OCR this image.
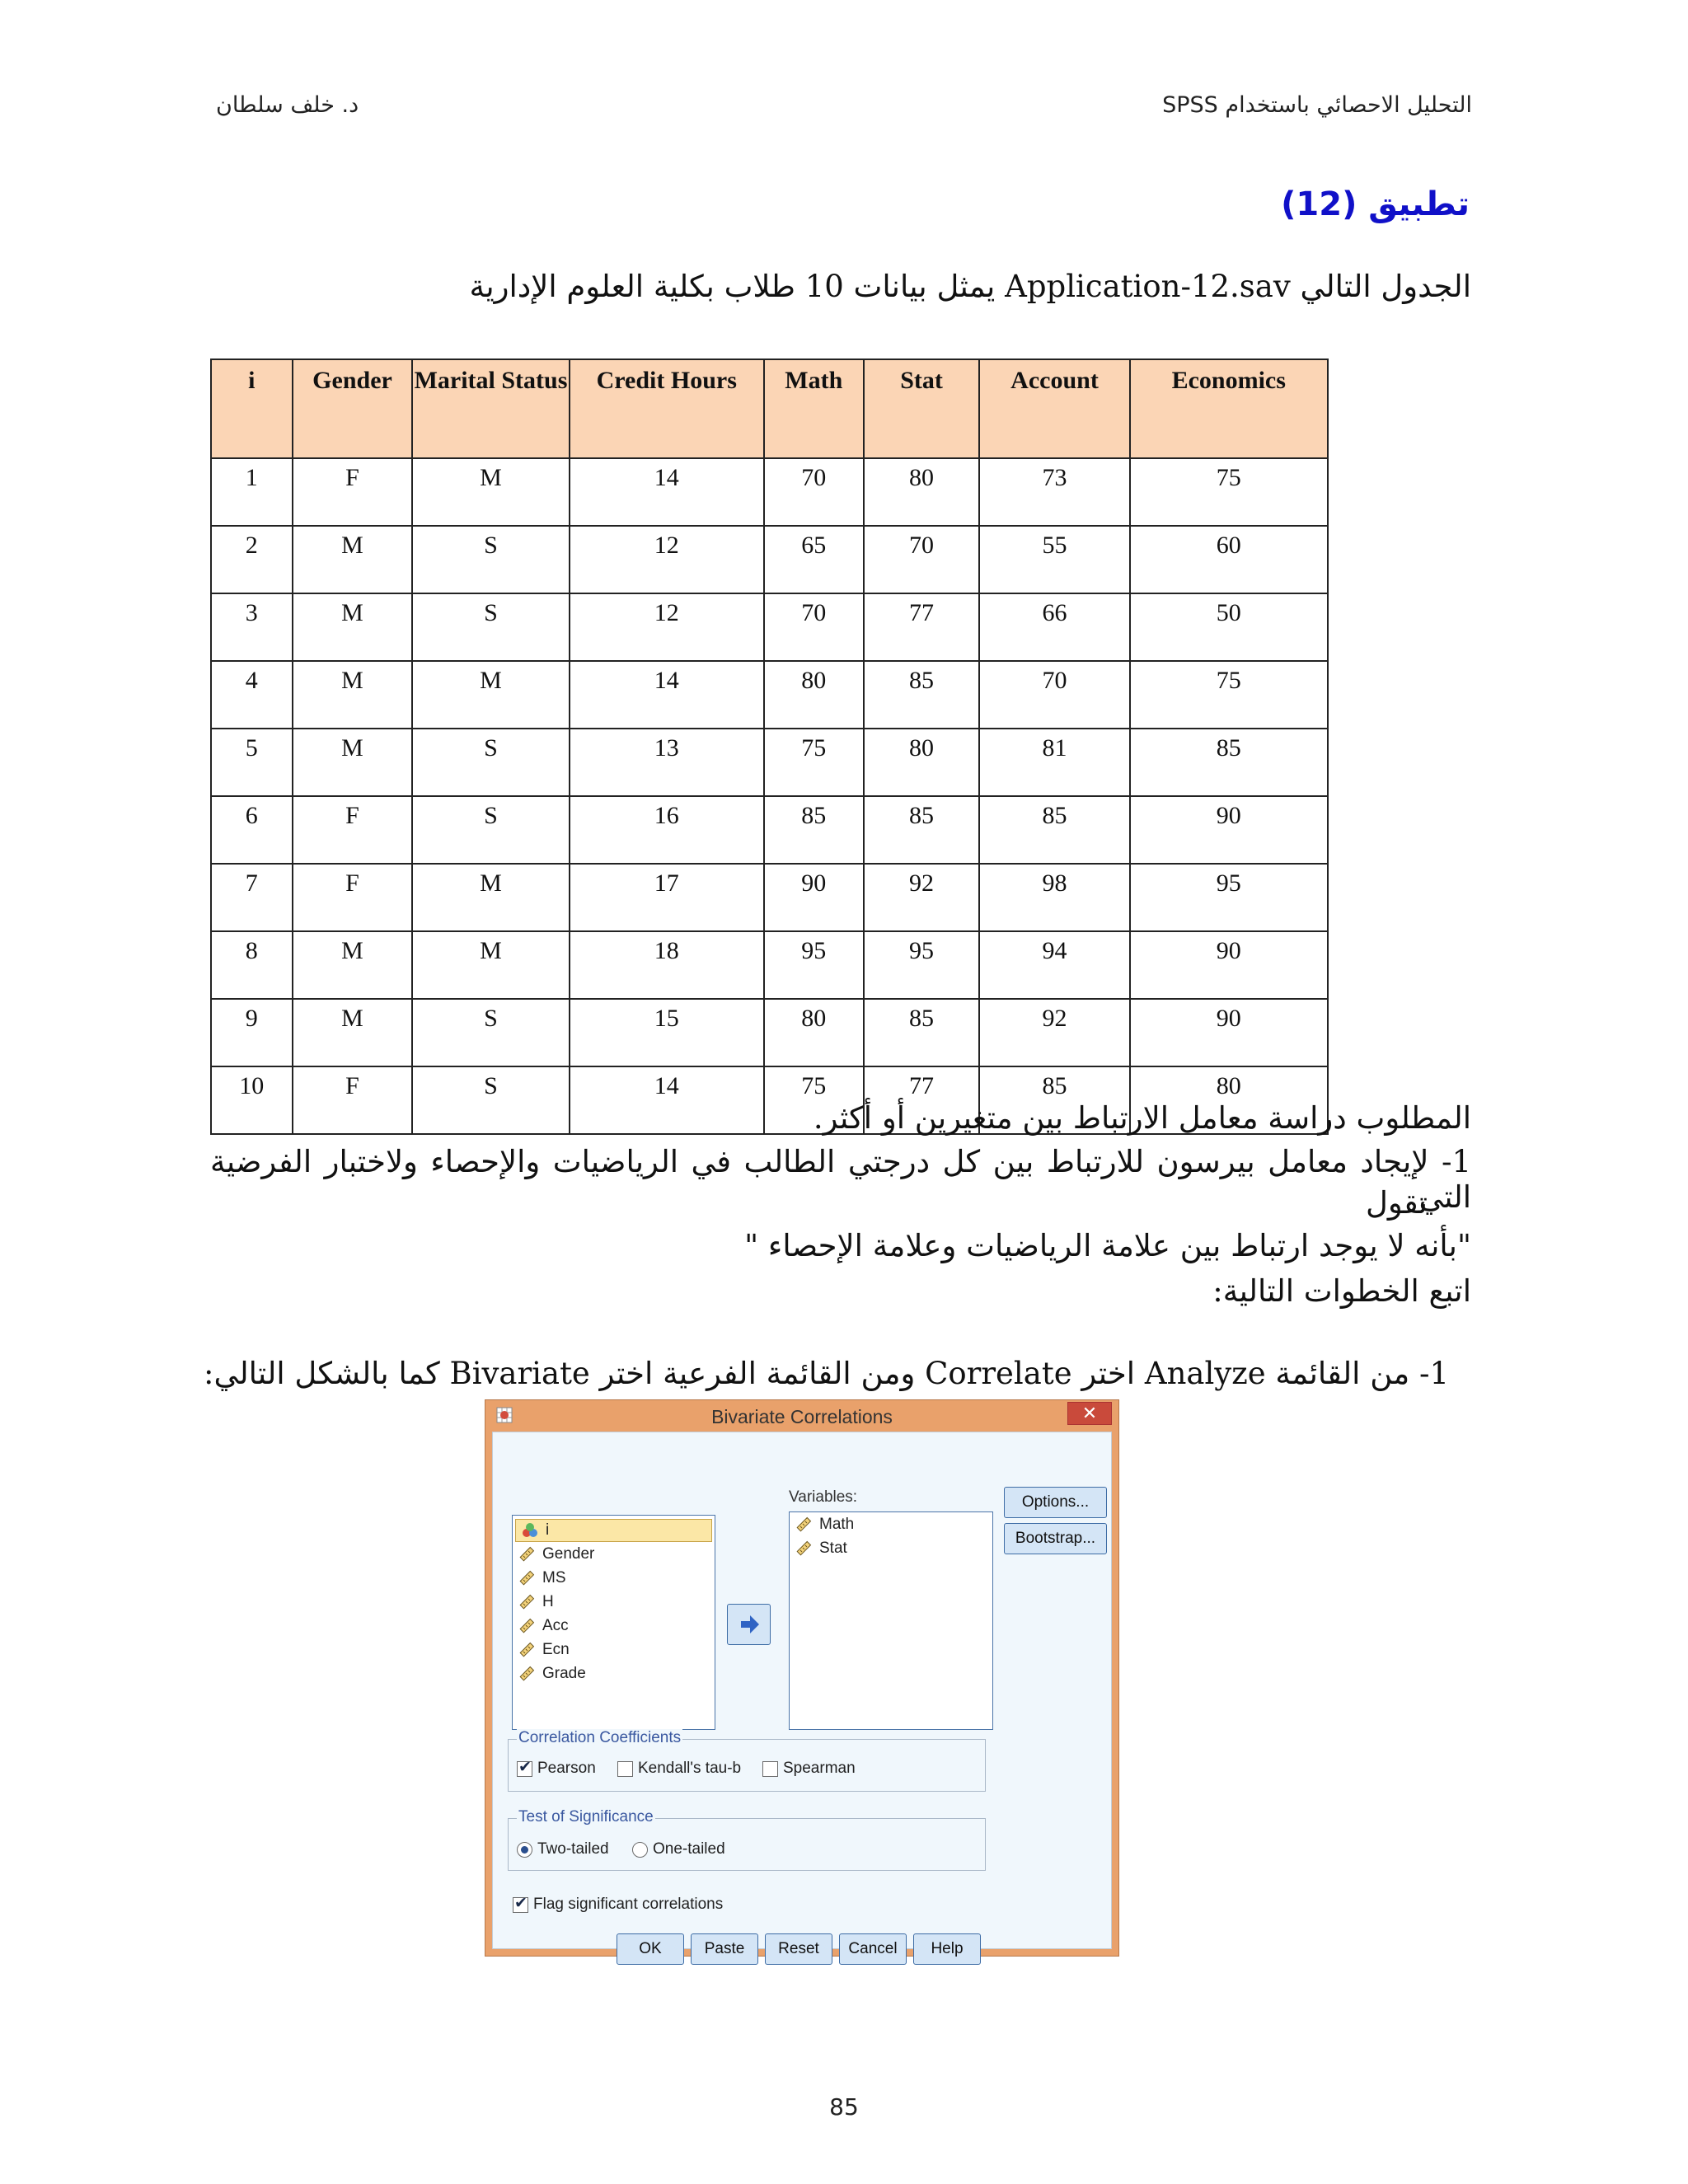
د. خلف سلطان	التحليل الاحصائي باستخدام SPSS
تطبيق (12)
الجدول التالي Application-12.sav يمثل بيانات 10 طلاب بكلية العلوم الإدارية
i	Gender	Marital Status	Credit Hours	Math	Stat	Account	Economics
1	F	M	14	70	80	73	75
2	M	S	12	65	70	55	60
3	M	S	12	70	77	66	50
4	M	M	14	80	85	70	75
5	M	S	13	75	80	81	85
6	F	S	16	85	85	85	90
7	F	M	17	90	92	98	95
8	M	M	18	95	95	94	90
9	M	S	15	80	85	92	90
10	F	S	14	75	77	85	80
المطلوب دراسة معامل الارتباط بين متغيرين أو أكثر.
1- لإيجاد معامل بيرسون للارتباط بين كل درجتي الطالب في الرياضيات والإحصاء ولاختبار الفرضية التي
تقول
"بأنه لا يوجد ارتباط بين علامة الرياضيات وعلامة الإحصاء "
اتبع الخطوات التالية:
1- من القائمة Analyze اختر Correlate ومن القائمة الفرعية اختر Bivariate كما بالشكل التالي:
Bivariate Correlations	✕
i
Gender
MS
H
Acc
Ecn
Grade
Variables:
Math
Stat
Options...
Bootstrap...
Correlation Coefficients
✔
Pearson	Kendall's tau-b	Spearman
Test of Significance
Two-tailed	One-tailed
✔
Flag significant correlations
OK	Paste	Reset	Cancel	Help
85
